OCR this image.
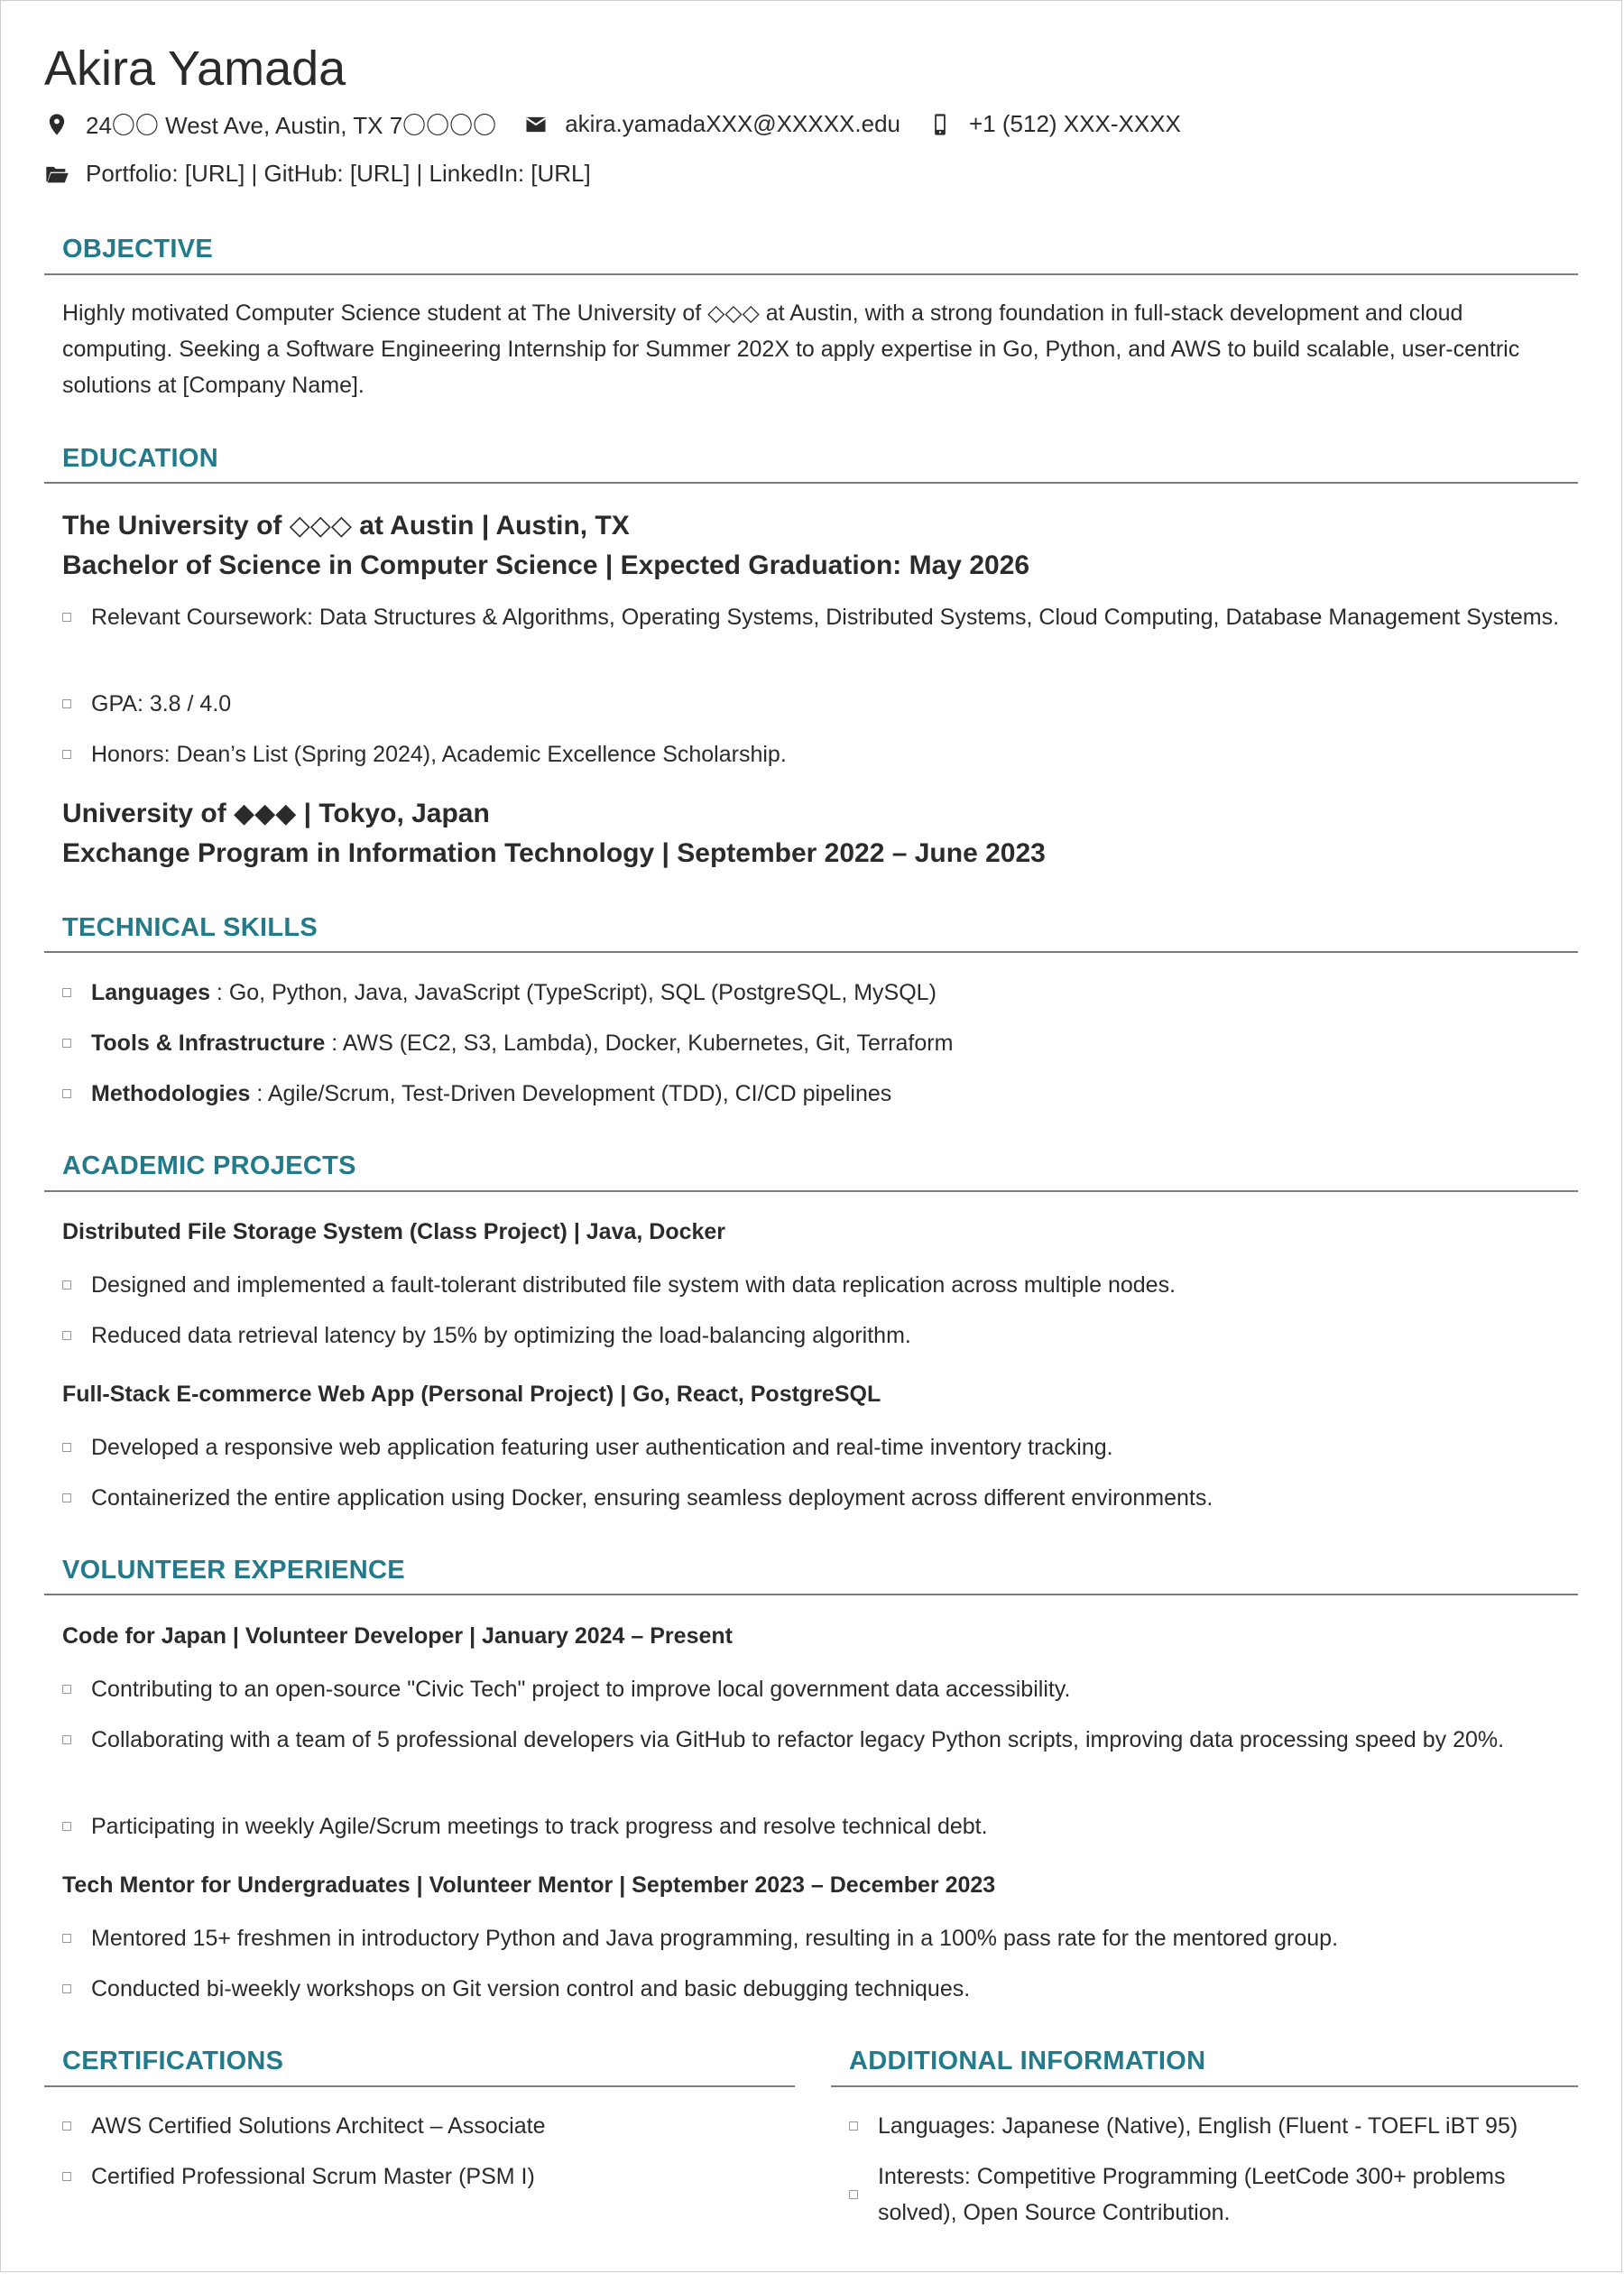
Akira Yamada
24〇〇 West Ave, Austin, TX 7〇〇〇〇	akira.yamadaXXX@XXXXX.edu	+1 (512) XXX-XXXX
Portfolio: [URL] | GitHub: [URL] | LinkedIn: [URL]
OBJECTIVE
Highly motivated Computer Science student at The University of ◇◇◇ at Austin, with a strong foundation in full-stack development and cloud computing. Seeking a Software Engineering Internship for Summer 202X to apply expertise in Go, Python, and AWS to build scalable, user-centric solutions at [Company Name].
EDUCATION
The University of ◇◇◇ at Austin | Austin, TX
Bachelor of Science in Computer Science | Expected Graduation: May 2026
Relevant Coursework: Data Structures & Algorithms, Operating Systems, Distributed Systems, Cloud Computing, Database Management Systems.
GPA: 3.8 / 4.0
Honors: Dean’s List (Spring 2024), Academic Excellence Scholarship.
University of ◆◆◆ | Tokyo, Japan
Exchange Program in Information Technology | September 2022 – June 2023
TECHNICAL SKILLS
Languages : Go, Python, Java, JavaScript (TypeScript), SQL (PostgreSQL, MySQL)
Tools & Infrastructure : AWS (EC2, S3, Lambda), Docker, Kubernetes, Git, Terraform
Methodologies : Agile/Scrum, Test-Driven Development (TDD), CI/CD pipelines
ACADEMIC PROJECTS
Distributed File Storage System (Class Project) | Java, Docker
Designed and implemented a fault-tolerant distributed file system with data replication across multiple nodes.
Reduced data retrieval latency by 15% by optimizing the load-balancing algorithm.
Full-Stack E-commerce Web App (Personal Project) | Go, React, PostgreSQL
Developed a responsive web application featuring user authentication and real-time inventory tracking.
Containerized the entire application using Docker, ensuring seamless deployment across different environments.
VOLUNTEER EXPERIENCE
Code for Japan | Volunteer Developer | January 2024 – Present
Contributing to an open-source "Civic Tech" project to improve local government data accessibility.
Collaborating with a team of 5 professional developers via GitHub to refactor legacy Python scripts, improving data processing speed by 20%.
Participating in weekly Agile/Scrum meetings to track progress and resolve technical debt.
Tech Mentor for Undergraduates | Volunteer Mentor | September 2023 – December 2023
Mentored 15+ freshmen in introductory Python and Java programming, resulting in a 100% pass rate for the mentored group.
Conducted bi-weekly workshops on Git version control and basic debugging techniques.
CERTIFICATIONS
AWS Certified Solutions Architect – Associate
Certified Professional Scrum Master (PSM I)
ADDITIONAL INFORMATION
Languages: Japanese (Native), English (Fluent - TOEFL iBT 95)
Interests: Competitive Programming (LeetCode 300+ problems solved), Open Source Contribution.
